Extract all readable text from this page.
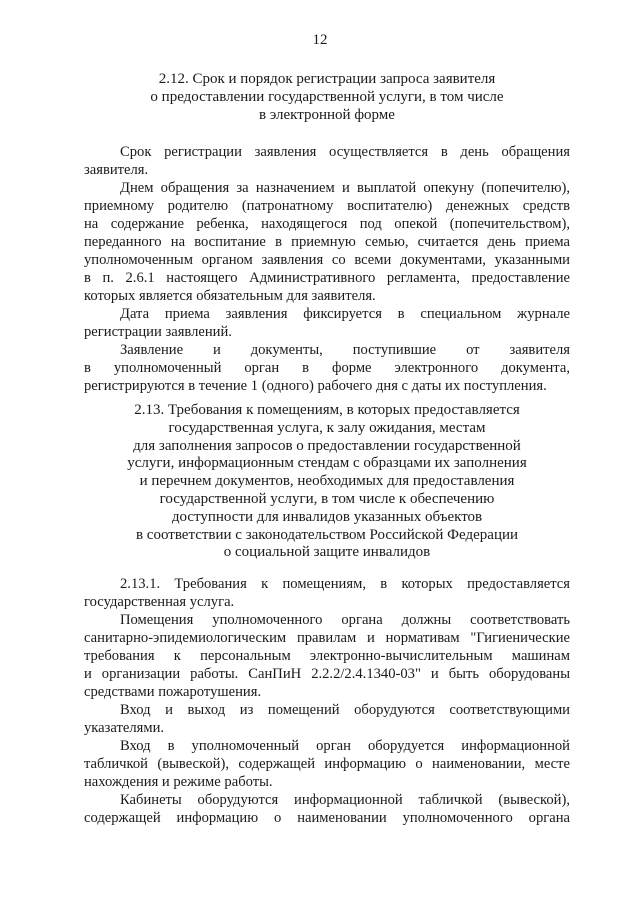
12
2.12. Срок и порядок регистрации запроса заявителя
о предоставлении государственной услуги, в том числе
в электронной форме
Срок регистрации заявления осуществляется в день обращения
заявителя.
Днем обращения за назначением и выплатой опекуну (попечителю),
приемному родителю (патронатному воспитателю) денежных средств
на содержание ребенка, находящегося под опекой (попечительством),
переданного на воспитание в приемную семью, считается день приема
уполномоченным органом заявления со всеми документами, указанными
в п. 2.6.1 настоящего Административного регламента, предоставление
которых является обязательным для заявителя.
Дата приема заявления фиксируется в специальном журнале
регистрации заявлений.
Заявление и документы, поступившие от заявителя
в уполномоченный орган в форме электронного документа,
регистрируются в течение 1 (одного) рабочего дня с даты их поступления.
2.13. Требования к помещениям, в которых предоставляется
государственная услуга, к залу ожидания, местам
для заполнения запросов о предоставлении государственной
услуги, информационным стендам с образцами их заполнения
и перечнем документов, необходимых для предоставления
государственной услуги, в том числе к обеспечению
доступности для инвалидов указанных объектов
в соответствии с законодательством Российской Федерации
о социальной защите инвалидов
2.13.1. Требования к помещениям, в которых предоставляется
государственная услуга.
Помещения уполномоченного органа должны соответствовать
санитарно-эпидемиологическим правилам и нормативам "Гигиенические
требования к персональным электронно-вычислительным машинам
и организации работы. СанПиН 2.2.2/2.4.1340-03" и быть оборудованы
средствами пожаротушения.
Вход и выход из помещений оборудуются соответствующими
указателями.
Вход в уполномоченный орган оборудуется информационной
табличкой (вывеской), содержащей информацию о наименовании, месте
нахождения и режиме работы.
Кабинеты оборудуются информационной табличкой (вывеской),
содержащей информацию о наименовании уполномоченного органа
